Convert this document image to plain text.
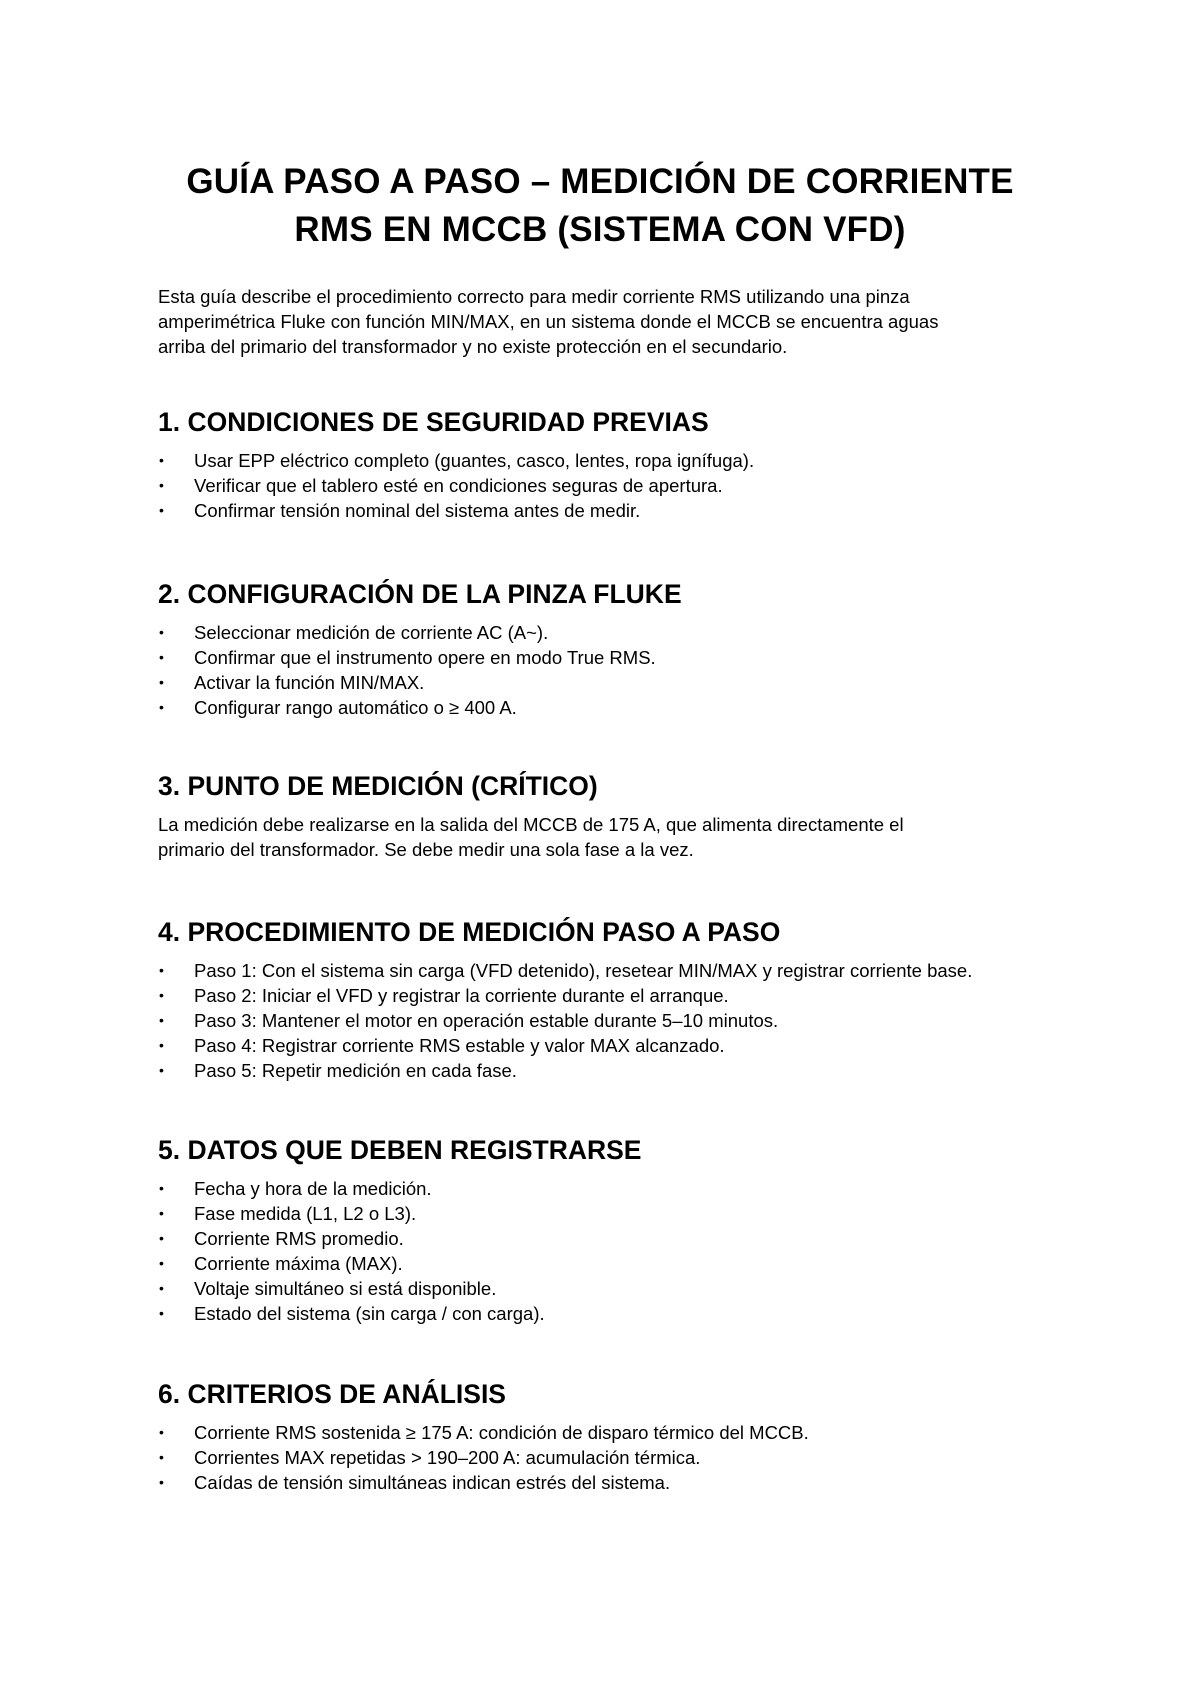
GUÍA PASO A PASO – MEDICIÓN DE CORRIENTE
RMS EN MCCB (SISTEMA CON VFD)

Esta guía describe el procedimiento correcto para medir corriente RMS utilizando una pinza
amperimétrica Fluke con función MIN/MAX, en un sistema donde el MCCB se encuentra aguas
arriba del primario del transformador y no existe protección en el secundario.

1. CONDICIONES DE SEGURIDAD PREVIAS
• Usar EPP eléctrico completo (guantes, casco, lentes, ropa ignífuga).
• Verificar que el tablero esté en condiciones seguras de apertura.
• Confirmar tensión nominal del sistema antes de medir.
2. CONFIGURACIÓN DE LA PINZA FLUKE
• Seleccionar medición de corriente AC (A~).
• Confirmar que el instrumento opere en modo True RMS.
• Activar la función MIN/MAX.
• Configurar rango automático o ≥ 400 A.
3. PUNTO DE MEDICIÓN (CRÍTICO)

La medición debe realizarse en la salida del MCCB de 175 A, que alimenta directamente el
primario del transformador. Se debe medir una sola fase a la vez.

4. PROCEDIMIENTO DE MEDICIÓN PASO A PASO
• Paso 1: Con el sistema sin carga (VFD detenido), resetear MIN/MAX y registrar corriente base.
• Paso 2: Iniciar el VFD y registrar la corriente durante el arranque.
• Paso 3: Mantener el motor en operación estable durante 5–10 minutos.
• Paso 4: Registrar corriente RMS estable y valor MAX alcanzado.
• Paso 5: Repetir medición en cada fase.
5. DATOS QUE DEBEN REGISTRARSE
• Fecha y hora de la medición.
• Fase medida (L1, L2 o L3).
• Corriente RMS promedio.
• Corriente máxima (MAX).
• Voltaje simultáneo si está disponible.
• Estado del sistema (sin carga / con carga).
6. CRITERIOS DE ANÁLISIS
• Corriente RMS sostenida ≥ 175 A: condición de disparo térmico del MCCB.
• Corrientes MAX repetidas > 190–200 A: acumulación térmica.
• Caídas de tensión simultáneas indican estrés del sistema.
